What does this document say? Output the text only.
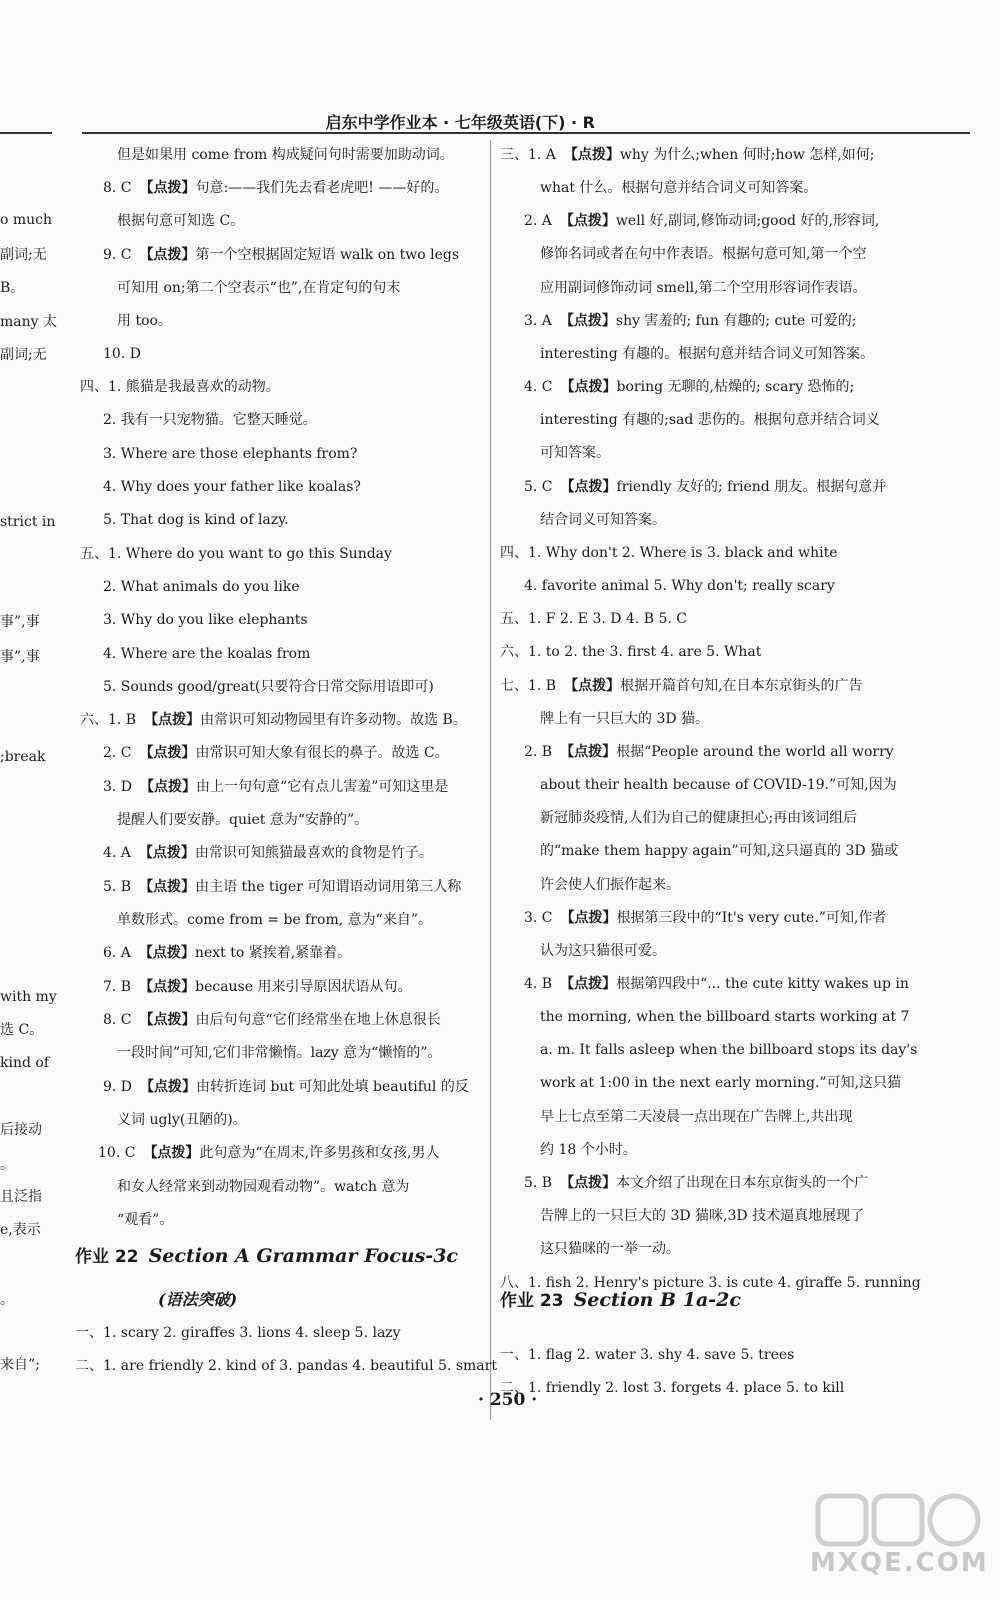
启东中学作业本 · 七年级英语(下) · R
o much
副词;无
B。
many 太
副词;无
strict in
事”,事
事”,事
;break
with my
选 C。
kind of
后接动
。
且泛指
e,表示
。
来自”;
但是如果用 come from 构成疑问句时需要加助动词。
8. C 【点拨】句意:——我们先去看老虎吧! ——好的。
根据句意可知选 C。
9. C 【点拨】第一个空根据固定短语 walk on two legs
可知用 on;第二个空表示“也”,在肯定句的句末
用 too。
10. D
四、1. 熊猫是我最喜欢的动物。
2. 我有一只宠物猫。它整天睡觉。
3. Where are those elephants from?
4. Why does your father like koalas?
5. That dog is kind of lazy.
五、1. Where do you want to go this Sunday
2. What animals do you like
3. Why do you like elephants
4. Where are the koalas from
5. Sounds good/great(只要符合日常交际用语即可)
六、1. B 【点拨】由常识可知动物园里有许多动物。故选 B。
2. C 【点拨】由常识可知大象有很长的鼻子。故选 C。
3. D 【点拨】由上一句句意“它有点儿害羞”可知这里是
提醒人们要安静。quiet 意为“安静的”。
4. A 【点拨】由常识可知熊猫最喜欢的食物是竹子。
5. B 【点拨】由主语 the tiger 可知谓语动词用第三人称
单数形式。come from = be from, 意为“来自”。
6. A 【点拨】next to 紧挨着,紧靠着。
7. B 【点拨】because 用来引导原因状语从句。
8. C 【点拨】由后句句意“它们经常坐在地上休息很长
一段时间”可知,它们非常懒惰。lazy 意为“懒惰的”。
9. D 【点拨】由转折连词 but 可知此处填 beautiful 的反
义词 ugly(丑陋的)。
10. C 【点拨】此句意为“在周末,许多男孩和女孩,男人
和女人经常来到动物园观看动物”。watch 意为
“观看”。
作业 22 Section A Grammar Focus-3c
(语法突破)
一、1. scary 2. giraffes 3. lions 4. sleep 5. lazy
二、1. are friendly 2. kind of 3. pandas 4. beautiful 5. smart
三、1. A 【点拨】why 为什么;when 何时;how 怎样,如何;
what 什么。根据句意并结合词义可知答案。
2. A 【点拨】well 好,副词,修饰动词;good 好的,形容词,
修饰名词或者在句中作表语。根据句意可知,第一个空
应用副词修饰动词 smell,第二个空用形容词作表语。
3. A 【点拨】shy 害羞的; fun 有趣的; cute 可爱的;
interesting 有趣的。根据句意并结合词义可知答案。
4. C 【点拨】boring 无聊的,枯燥的; scary 恐怖的;
interesting 有趣的;sad 悲伤的。根据句意并结合词义
可知答案。
5. C 【点拨】friendly 友好的; friend 朋友。根据句意并
结合词义可知答案。
四、1. Why don't 2. Where is 3. black and white
4. favorite animal 5. Why don't; really scary
五、1. F 2. E 3. D 4. B 5. C
六、1. to 2. the 3. first 4. are 5. What
七、1. B 【点拨】根据开篇首句知,在日本东京街头的广告
牌上有一只巨大的 3D 猫。
2. B 【点拨】根据“People around the world all worry
about their health because of COVID-19.”可知,因为
新冠肺炎疫情,人们为自己的健康担心;再由该词组后
的“make them happy again”可知,这只逼真的 3D 猫或
许会使人们振作起来。
3. C 【点拨】根据第三段中的“It's very cute.”可知,作者
认为这只猫很可爱。
4. B 【点拨】根据第四段中“... the cute kitty wakes up in
the morning, when the billboard starts working at 7
a. m. It falls asleep when the billboard stops its day's
work at 1:00 in the next early morning.”可知,这只猫
早上七点至第二天凌晨一点出现在广告牌上,共出现
约 18 个小时。
5. B 【点拨】本文介绍了出现在日本东京街头的一个广
告牌上的一只巨大的 3D 猫咪,3D 技术逼真地展现了
这只猫咪的一举一动。
八、1. fish 2. Henry's picture 3. is cute 4. giraffe 5. running
作业 23 Section B 1a-2c
一、1. flag 2. water 3. shy 4. save 5. trees
二、1. friendly 2. lost 3. forgets 4. place 5. to kill
· 250 ·
MXQE.COM
